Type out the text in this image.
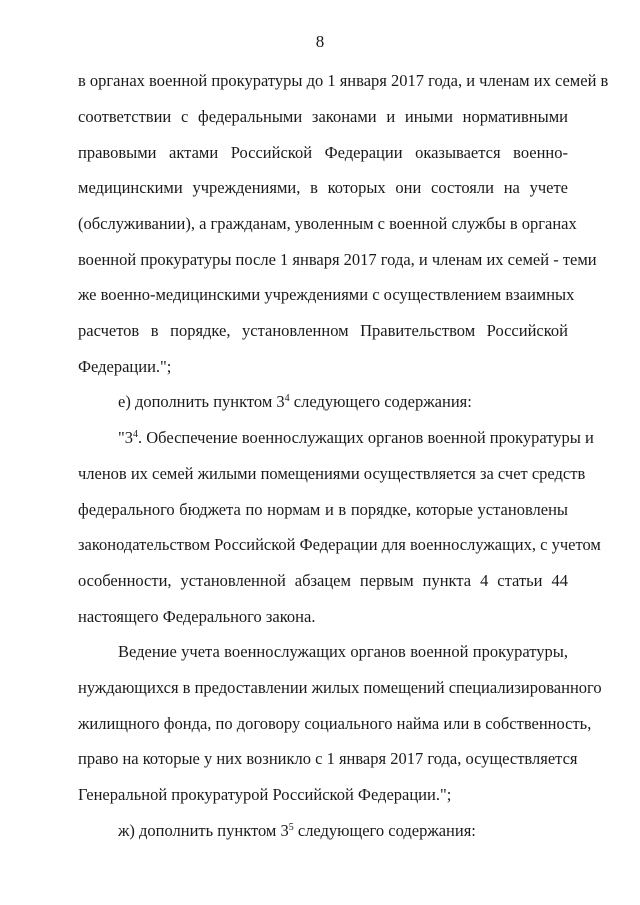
8
в органах военной прокуратуры до 1 января 2017 года, и членам их семей в
соответствии с федеральными законами и иными нормативными
правовыми актами Российской Федерации оказывается военно-
медицинскими учреждениями, в которых они состояли на учете
(обслуживании), а гражданам, уволенным с военной службы в органах
военной прокуратуры после 1 января 2017 года, и членам их семей - теми
же военно-медицинскими учреждениями с осуществлением взаимных
расчетов в порядке, установленном Правительством Российской
Федерации.";
е) дополнить пунктом $3^4$ следующего содержания:
"$3^4$. Обеспечение военнослужащих органов военной прокуратуры и
членов их семей жилыми помещениями осуществляется за счет средств
федерального бюджета по нормам и в порядке, которые установлены
законодательством Российской Федерации для военнослужащих, с учетом
особенности, установленной абзацем первым пункта 4 статьи 44
настоящего Федерального закона.
Ведение учета военнослужащих органов военной прокуратуры,
нуждающихся в предоставлении жилых помещений специализированного
жилищного фонда, по договору социального найма или в собственность,
право на которые у них возникло с 1 января 2017 года, осуществляется
Генеральной прокуратурой Российской Федерации.";
ж) дополнить пунктом $3^5$ следующего содержания:
